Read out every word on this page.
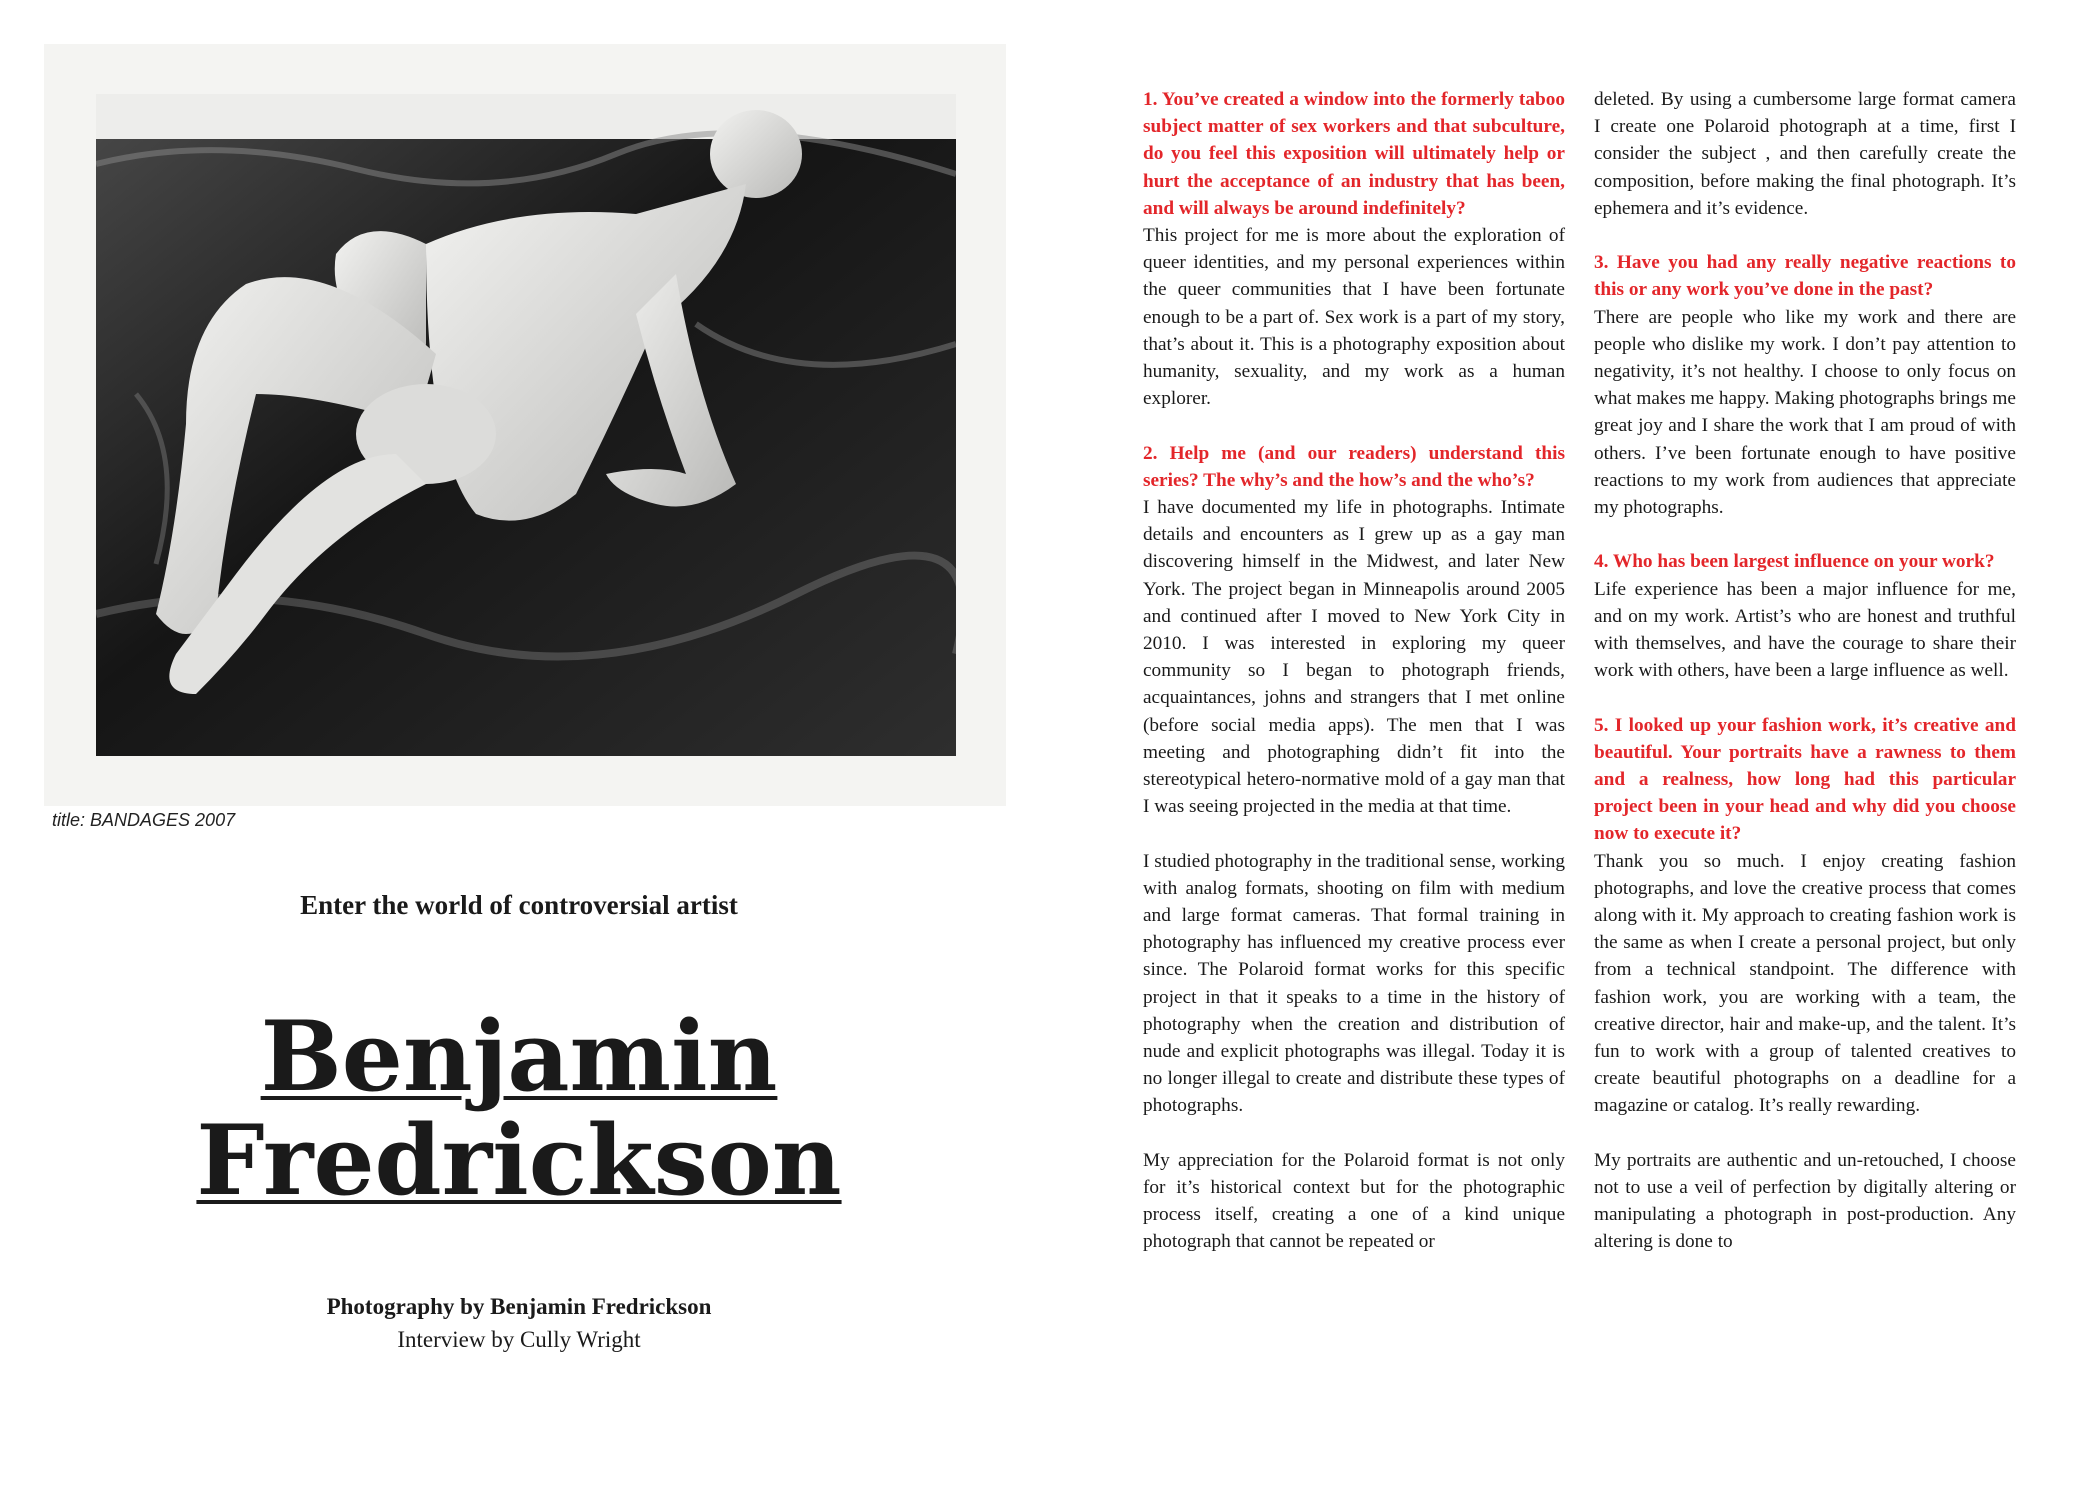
title: BANDAGES 2007
Enter the world of controversial artist
Benjamin
Fredrickson
Photography by Benjamin Fredrickson
Interview by Cully Wright

1. You’ve created a window into the formerly taboo subject matter of sex workers and that subculture, do you feel this exposition will ultimately help or hurt the acceptance of an industry that has been, and will always be around indefinitely?

This project for me is more about the exploration of queer identities, and my personal experiences within the queer communities that I have been fortunate enough to be a part of. Sex work is a part of my story, that’s about it. This is a photography exposition about humanity, sexuality, and my work as a human explorer.

2. Help me (and our readers) understand this series? The why’s and the how’s and the who’s?

I have documented my life in photographs. Intimate details and encounters as I grew up as a gay man discovering himself in the Midwest, and later New York. The project began in Minneapolis around 2005 and continued after I moved to New York City in 2010. I was interested in exploring my queer community so I began to photograph friends, acquaintances, johns and strangers that I met online (before social media apps). The men that I was meeting and photographing didn’t fit into the stereotypical hetero-normative mold of a gay man that I was seeing projected in the media at that time.

I studied photography in the traditional sense, working with analog formats, shooting on film with medium and large format cameras. That formal training in photography has influenced my creative process ever since. The Polaroid format works for this specific project in that it speaks to a time in the history of photography when the creation and distribution of nude and explicit photographs was illegal. Today it is no longer illegal to create and distribute these types of photographs.

My appreciation for the Polaroid format is not only for it’s historical context but for the photographic process itself, creating a one of a kind unique photograph that cannot be repeated or

deleted. By using a cumbersome large format camera I create one Polaroid photograph at a time, first I consider the subject , and then carefully create the composition, before making the final photograph. It’s ephemera and it’s evidence.

3. Have you had any really negative reactions to this or any work you’ve done in the past?

There are people who like my work and there are people who dislike my work. I don’t pay attention to negativity, it’s not healthy. I choose to only focus on what makes me happy. Making photographs brings me great joy and I share the work that I am proud of with others. I’ve been fortunate enough to have positive reactions to my work from audiences that appreciate my photographs.

4. Who has been largest influence on your work?

Life experience has been a major influence for me, and on my work. Artist’s who are honest and truthful with themselves, and have the courage to share their work with others, have been a large influence as well.

5. I looked up your fashion work, it’s creative and beautiful. Your portraits have a rawness to them and a realness, how long had this particular project been in your head and why did you choose now to execute it?

Thank you so much. I enjoy creating fashion photographs, and love the creative process that comes along with it. My approach to creating fashion work is the same as when I create a personal project, but only from a technical standpoint. The difference with fashion work, you are working with a team, the creative director, hair and make-up, and the talent. It’s fun to work with a group of talented creatives to create beautiful photographs on a deadline for a magazine or catalog. It’s really rewarding.

My portraits are authentic and un-retouched, I choose not to use a veil of perfection by digitally altering or manipulating a photograph in post-production. Any altering is done to
